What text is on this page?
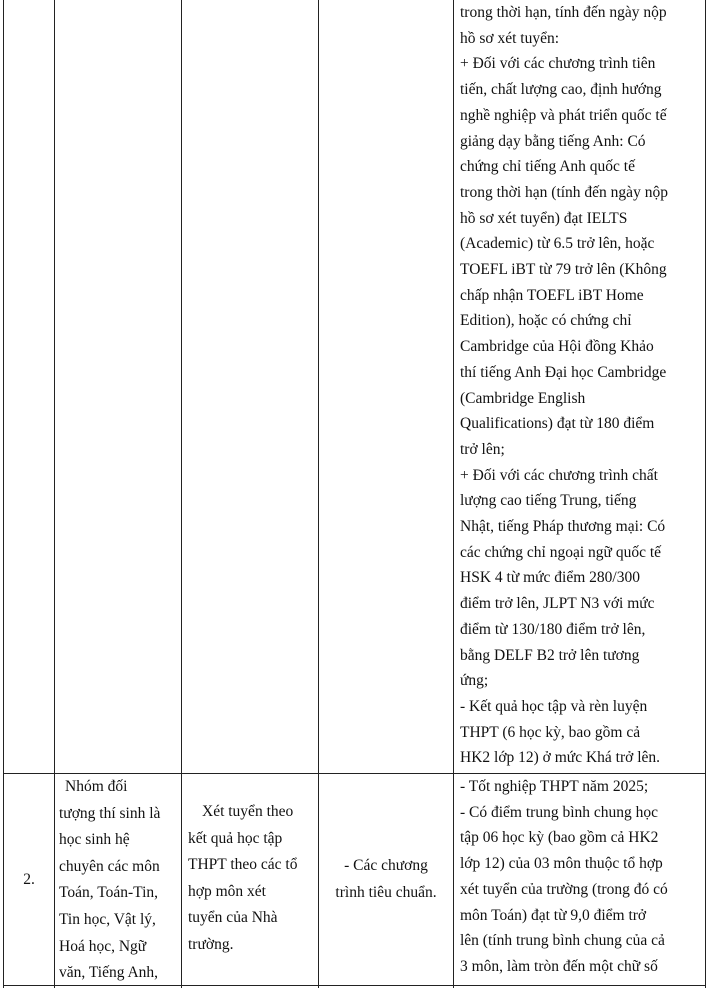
trong thời hạn, tính đến ngày nộp
hồ sơ xét tuyển:
+ Đối với các chương trình tiên
tiến, chất lượng cao, định hướng
nghề nghiệp và phát triển quốc tế
giảng dạy bằng tiếng Anh: Có
chứng chỉ tiếng Anh quốc tế
trong thời hạn (tính đến ngày nộp
hồ sơ xét tuyển) đạt IELTS
(Academic) từ 6.5 trở lên, hoặc
TOEFL iBT từ 79 trở lên (Không
chấp nhận TOEFL iBT Home
Edition), hoặc có chứng chỉ
Cambridge của Hội đồng Khảo
thí tiếng Anh Đại học Cambridge
(Cambridge English
Qualifications) đạt từ 180 điểm
trở lên;
+ Đối với các chương trình chất
lượng cao tiếng Trung, tiếng
Nhật, tiếng Pháp thương mại: Có
các chứng chỉ ngoại ngữ quốc tế
HSK 4 từ mức điểm 280/300
điểm trở lên, JLPT N3 với mức
điểm từ 130/180 điểm trở lên,
bằng DELF B2 trở lên tương
ứng;
- Kết quả học tập và rèn luyện
THPT (6 học kỳ, bao gồm cả
HK2 lớp 12) ở mức Khá trở lên.
2.
Nhóm đối
tượng thí sinh là
học sinh hệ
chuyên các môn
Toán, Toán-Tin,
Tin học, Vật lý,
Hoá học, Ngữ
văn, Tiếng Anh,
Xét tuyển theo
kết quả học tập
THPT theo các tổ
hợp môn xét
tuyển của Nhà
trường.
- Các chương
trình tiêu chuẩn.
- Tốt nghiệp THPT năm 2025;
- Có điểm trung bình chung học
tập 06 học kỳ (bao gồm cả HK2
lớp 12) của 03 môn thuộc tổ hợp
xét tuyển của trường (trong đó có
môn Toán) đạt từ 9,0 điểm trở
lên (tính trung bình chung của cả
3 môn, làm tròn đến một chữ số
